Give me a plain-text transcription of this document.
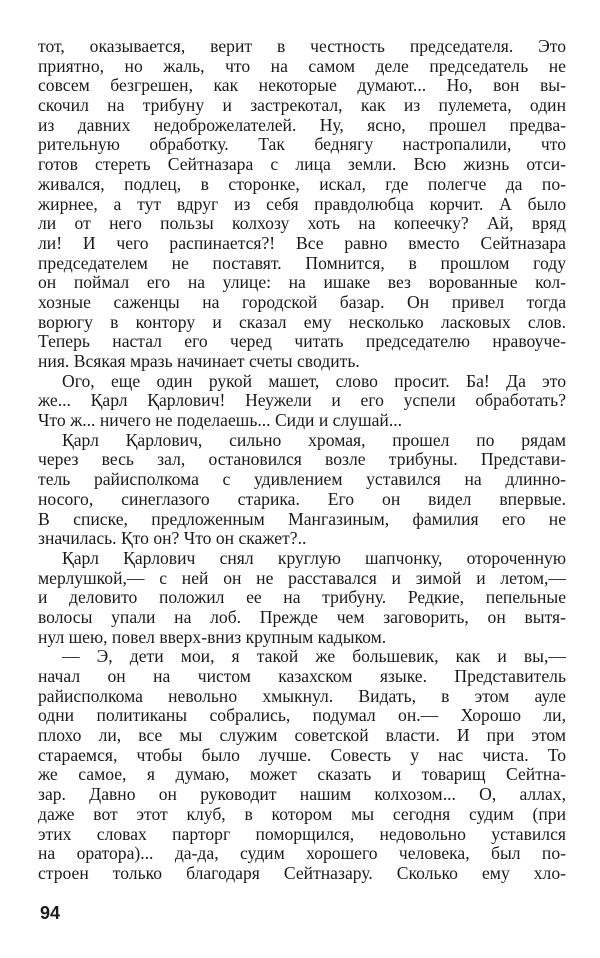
тот, оказывается, верит в честность председателя. Это
приятно, но жаль, что на самом деле председатель не
совсем безгрешен, как некоторые думают... Но, вон вы-
скочил на трибуну и застрекотал, как из пулемета, один
из давних недоброжелателей. Ну, ясно, прошел предва-
рительную обработку. Так беднягу настропалили, что
готов стереть Сейтназара с лица земли. Всю жизнь отси-
живался, подлец, в сторонке, искал, где полегче да по-
жирнее, а тут вдруг из себя правдолюбца корчит. А было
ли от него пользы колхозу хоть на копеечку? Ай, вряд
ли! И чего распинается?! Все равно вместо Сейтназара
председателем не поставят. Помнится, в прошлом году
он поймал его на улице: на ишаке вез ворованные кол-
хозные саженцы на городской базар. Он привел тогда
ворюгу в контору и сказал ему несколько ласковых слов.
Теперь настал его черед читать председателю нравоуче-
ния. Всякая мразь начинает счеты сводить.
Ого, еще один рукой машет, слово просит. Ба! Да это
же... Қарл Қарлович! Неужели и его успели обработать?
Что ж... ничего не поделаешь... Сиди и слушай...
Қарл Қарлович, сильно хромая, прошел по рядам
через весь зал, остановился возле трибуны. Представи-
тель райисполкома с удивлением уставился на длинно-
носого, синеглазого старика. Его он видел впервые.
В списке, предложенным Мангазиным, фамилия его не
значилась. Қто он? Что он скажет?..
Қарл Қарлович снял круглую шапчонку, отороченную
мерлушкой,— с ней он не расставался и зимой и летом,—
и деловито положил ее на трибуну. Редкие, пепельные
волосы упали на лоб. Прежде чем заговорить, он вытя-
нул шею, повел вверх-вниз крупным кадыком.
— Э, дети мои, я такой же большевик, как и вы,—
начал он на чистом казахском языке. Представитель
райисполкома невольно хмыкнул. Видать, в этом ауле
одни политиканы собрались, подумал он.— Хорошо ли,
плохо ли, все мы служим советской власти. И при этом
стараемся, чтобы было лучше. Совесть у нас чиста. То
же самое, я думаю, может сказать и товарищ Сейтна-
зар. Давно он руководит нашим колхозом... О, аллах,
даже вот этот клуб, в котором мы сегодня судим (при
этих словах парторг поморщился, недовольно уставился
на оратора)... да-да, судим хорошего человека, был по-
строен только благодаря Сейтназару. Сколько ему хло-
94
